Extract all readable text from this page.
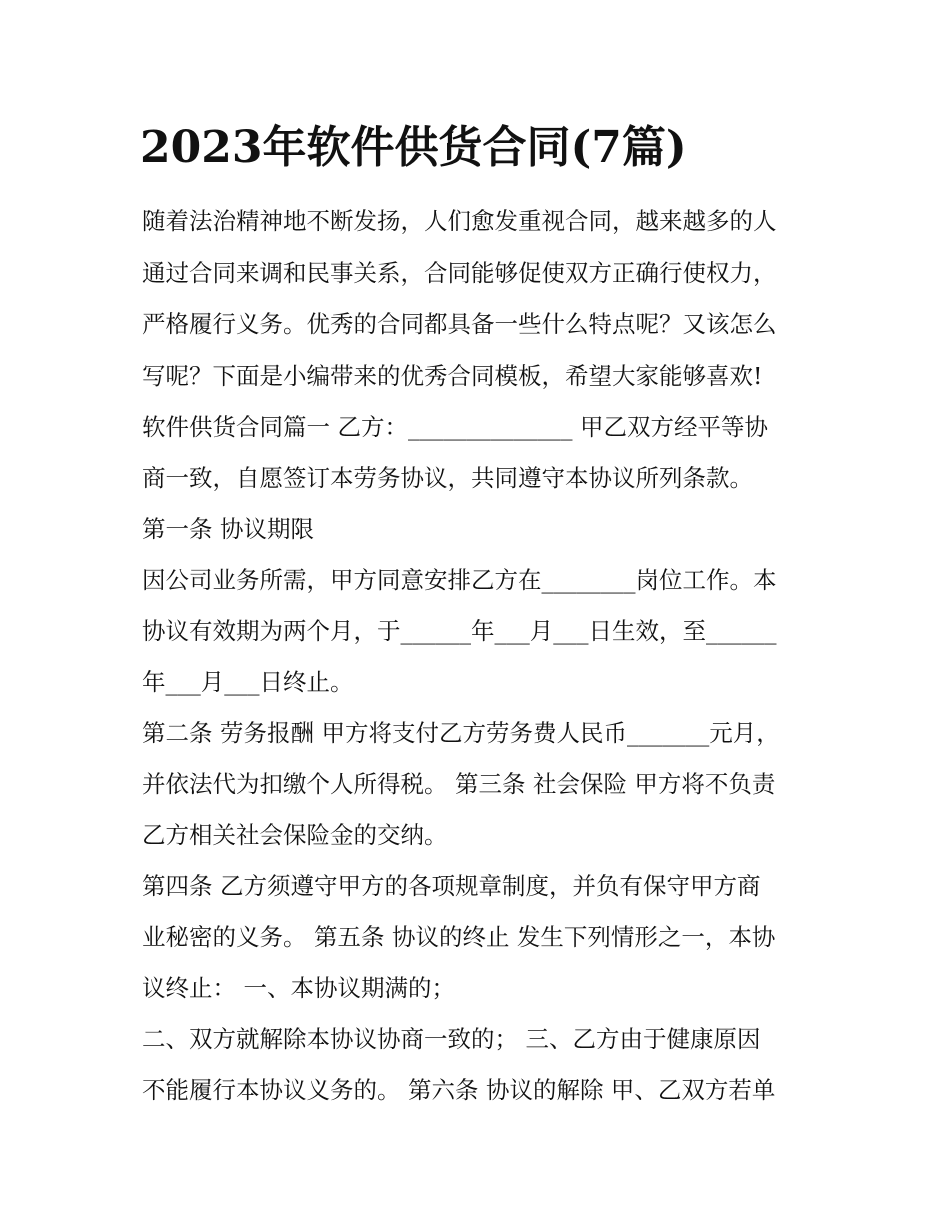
2023年软件供货合同(7篇)

随着法治精神地不断发扬，人们愈发重视合同，越来越多的人

通过合同来调和民事关系，合同能够促使双方正确行使权力，

严格履行义务。优秀的合同都具备一些什么特点呢？又该怎么

写呢？下面是小编带来的优秀合同模板，希望大家能够喜欢!

软件供货合同篇一 乙方：______________ 甲乙双方经平等协

商一致，自愿签订本劳务协议，共同遵守本协议所列条款。

第一条 协议期限

因公司业务所需，甲方同意安排乙方在________岗位工作。本

协议有效期为两个月，于______年___月___日生效，至______

年___月___日终止。

第二条 劳务报酬 甲方将支付乙方劳务费人民币_______元月，

并依法代为扣缴个人所得税。 第三条 社会保险 甲方将不负责

乙方相关社会保险金的交纳。

第四条 乙方须遵守甲方的各项规章制度，并负有保守甲方商

业秘密的义务。 第五条 协议的终止 发生下列情形之一，本协

议终止： 一、本协议期满的；

二、双方就解除本协议协商一致的； 三、乙方由于健康原因

不能履行本协议义务的。 第六条 协议的解除 甲、乙双方若单
